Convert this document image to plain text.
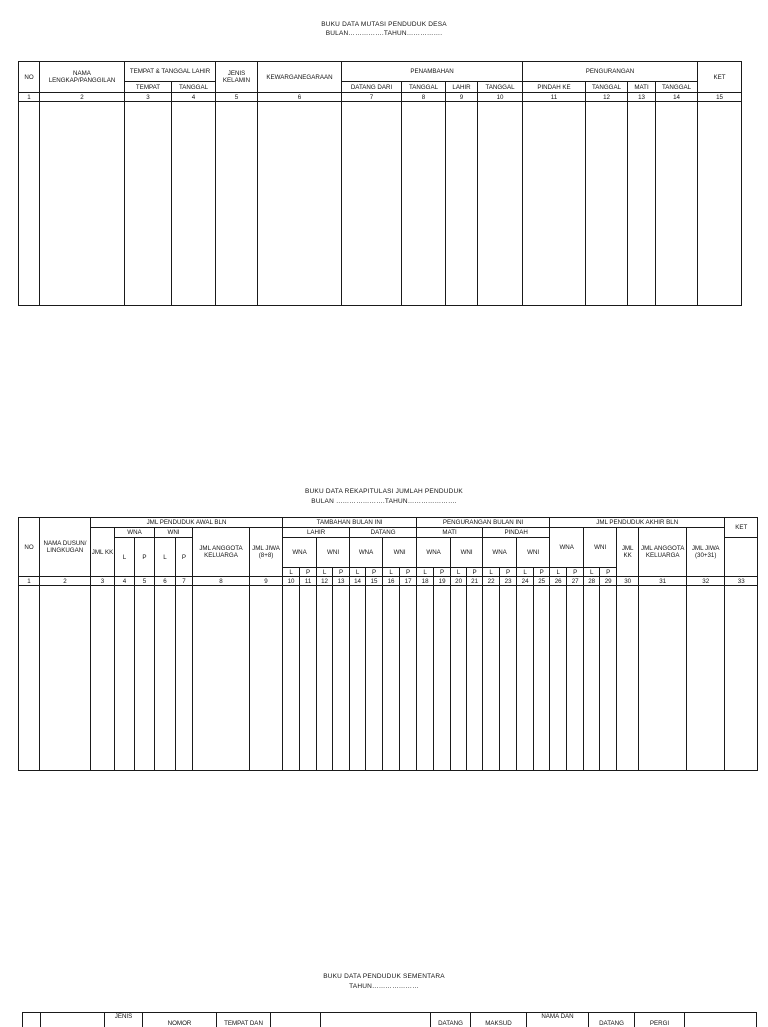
BUKU DATA MUTASI PENDUDUK DESA
BULAN…………….TAHUN…………….
NO	NAMA LENGKAP/PANGGILAN	TEMPAT & TANGGAL LAHIR		JENIS KELAMIN	KEWARGANEGARAAN	PENAMBAHAN				PENGURANGAN				KET
		TEMPAT	TANGGAL			DATANG DARI	TANGGAL	LAHIR	TANGGAL	PINDAH KE	TANGGAL	MATI	TANGGAL	
1	2	3	4	5	6	7	8	9	10	11	12	13	14	15

BUKU DATA REKAPITULASI JUMLAH PENDUDUK
BULAN ………………….TAHUN………………….
NO	NAMA DUSUN/ LINGKUGAN	JML PENDUDUK AWAL BLN							TAMBAHAN BULAN INI								PENGURANGAN BULAN INI								JML PENDUDUK AKHIR BLN							KET
		JML KK	WNA		WNI		JML ANGGOTA KELUARGA	JML JIWA (8+8)	LAHIR				DATANG				MATI				PINDAH				WNA		WNI		JML KK	JML ANGGOTA KELUARGA	JML JIWA (30+31)	
			L	P	L	P			WNA		WNI		WNA		WNI		WNA		WNI		WNA		WNI									
									L	P	L	P	L	P	L	P	L	P	L	P	L	P	L	P	L	P	L	P				
1	2	3	4	5	6	7	8	9	10	11	12	13	14	15	16	17	18	19	20	21	22	23	24	25	26	27	28	29	30	31	32	33

BUKU DATA PENDUDUK SEMENTARA
TAHUN…………………
		JENIS	NOMOR	TEMPAT DAN			DATANG	MAKSUD	NAMA DAN	DATANG	PERGI	
